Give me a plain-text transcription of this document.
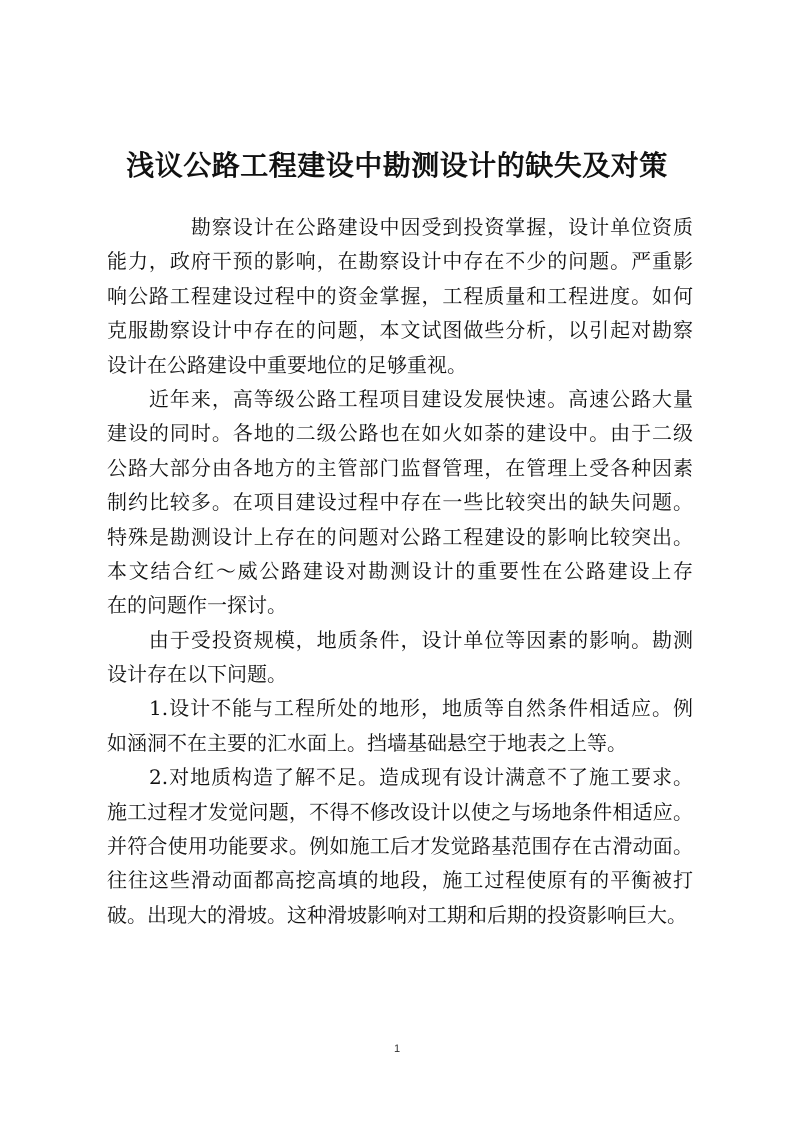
浅议公路工程建设中勘测设计的缺失及对策
　　　　勘察设计在公路建设中因受到投资掌握，设计单位资质
能力，政府干预的影响，在勘察设计中存在不少的问题。严重影
响公路工程建设过程中的资金掌握，工程质量和工程进度。如何
克服勘察设计中存在的问题，本文试图做些分析，以引起对勘察
设计在公路建设中重要地位的足够重视。
　　近年来，高等级公路工程项目建设发展快速。高速公路大量
建设的同时。各地的二级公路也在如火如荼的建设中。由于二级
公路大部分由各地方的主管部门监督管理，在管理上受各种因素
制约比较多。在项目建设过程中存在一些比较突出的缺失问题。
特殊是勘测设计上存在的问题对公路工程建设的影响比较突出。
本文结合红～威公路建设对勘测设计的重要性在公路建设上存
在的问题作一探讨。
　　由于受投资规模，地质条件，设计单位等因素的影响。勘测
设计存在以下问题。
　　1.设计不能与工程所处的地形，地质等自然条件相适应。例
如涵洞不在主要的汇水面上。挡墙基础悬空于地表之上等。
　　2.对地质构造了解不足。造成现有设计满意不了施工要求。
施工过程才发觉问题，不得不修改设计以使之与场地条件相适应。
并符合使用功能要求。例如施工后才发觉路基范围存在古滑动面。
往往这些滑动面都高挖高填的地段，施工过程使原有的平衡被打
破。出现大的滑坡。这种滑坡影响对工期和后期的投资影响巨大。
1
